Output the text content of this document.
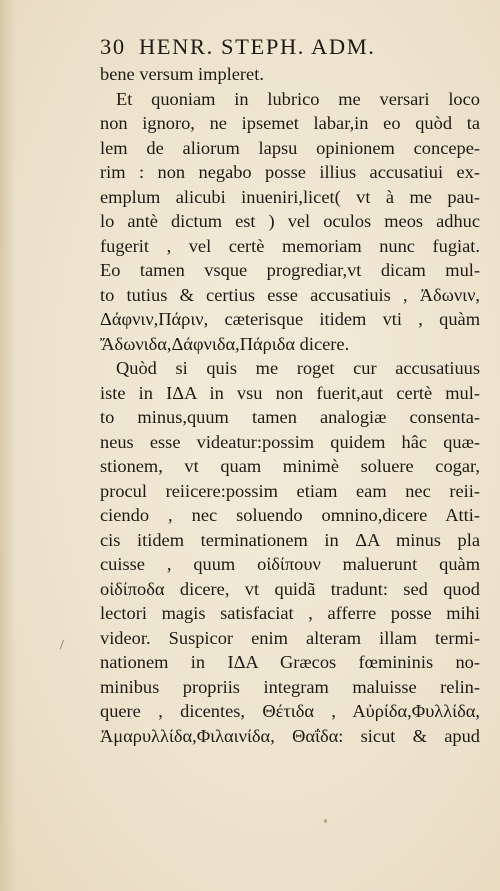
30 HENR. STEPH. ADM.
bene versum impleret.
Et quoniam in lubrico me versari loco
non ignoro, ne ipsemet labar,in eo quòd ta
lem de aliorum lapsu opinionem concepe-
rim : non negabo posse illius accusatiui ex-
emplum alicubi inueniri,licet( vt à me pau-
lo antè dictum est ) vel oculos meos adhuc
fugerit , vel certè memoriam nunc fugiat.
Eo tamen vsque progrediar,vt dicam mul-
to tutius & certius esse accusatiuis , Ἀδωνιν,
Δάφνιν,Πάριν, cæterisque itidem vti , quàm
Ἄδωνιδα,Δάφνιδα,Πάριδα dicere.
Quòd si quis me roget cur accusatiuus
iste in ΙΔΑ in vsu non fuerit,aut certè mul-
to minus,quum tamen analogiæ consenta-
neus esse videatur:possim quidem hâc quæ-
stionem, vt quam minimè soluere cogar,
procul reiicere:possim etiam eam nec reii-
ciendo , nec soluendo omnino,dicere Atti-
cis itidem terminationem in ΔΑ minus pla
cuisse , quum οἰδίπουν maluerunt quàm
οἰδίποδα dicere, vt quidã tradunt: sed quod
lectori magis satisfaciat , afferre posse mihi
videor. Suspicor enim alteram illam termi-
nationem in ΙΔΑ Græcos fœmininis no-
minibus propriis integram maluisse relin-
quere , dicentes, Θέτιδα , Αὐρίδα,Φυλλίδα,
Ἀμαρυλλίδα,Φιλαινίδα, Θαΐδα: sicut & apud
/
